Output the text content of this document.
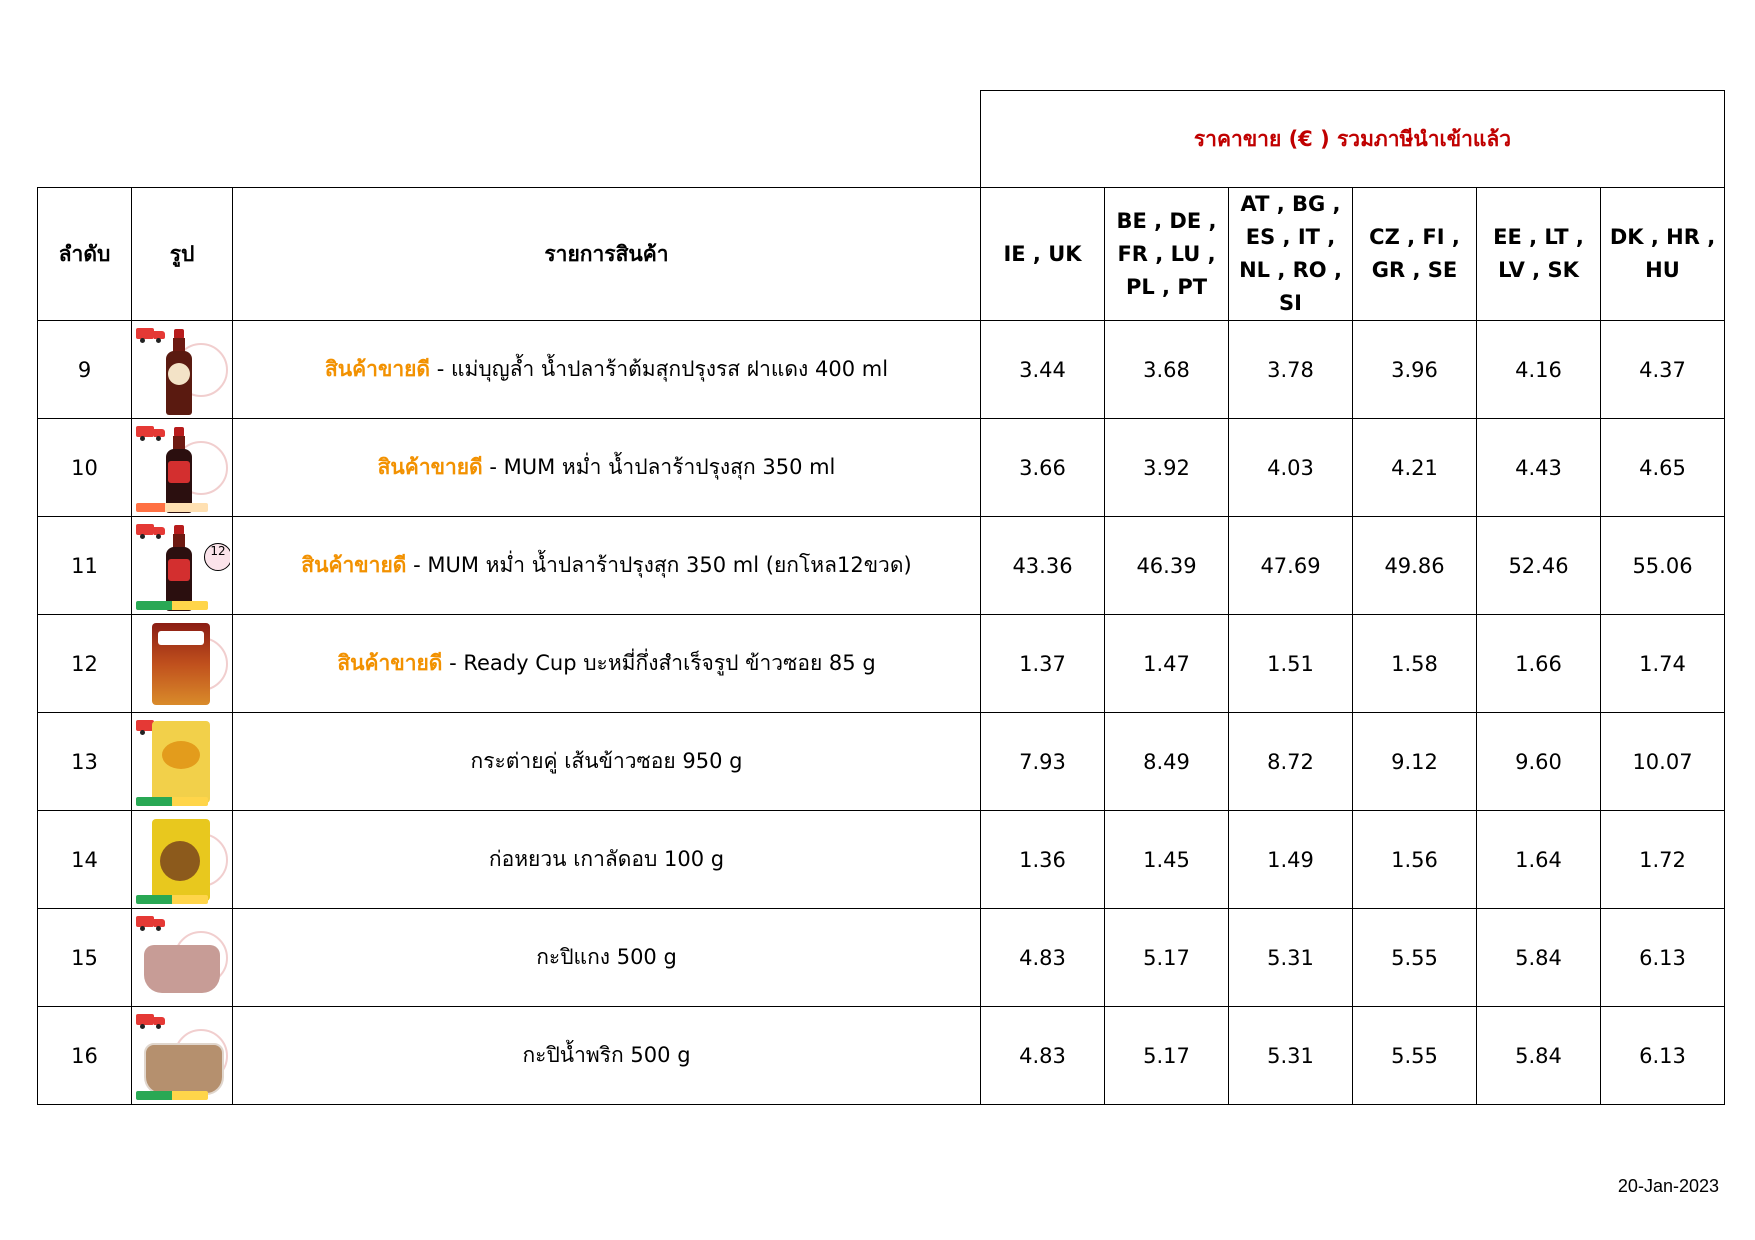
			ราคาขาย (€ ) รวมภาษีนำเข้าแล้ว					
ลำดับ	รูป	รายการสินค้า	IE , UK	BE , DE , FR , LU , PL , PT	AT , BG , ES , IT , NL , RO , SI	CZ , FI , GR , SE	EE , LT , LV , SK	DK , HR , HU
9		สินค้าขายดี - แม่บุญล้ำ น้ำปลาร้าต้มสุกปรุงรส ฝาแดง 400 ml	3.44	3.68	3.78	3.96	4.16	4.37
10		สินค้าขายดี - MUM หม่ำ น้ำปลาร้าปรุงสุก 350 ml	3.66	3.92	4.03	4.21	4.43	4.65
11	12	สินค้าขายดี - MUM หม่ำ น้ำปลาร้าปรุงสุก 350 ml (ยกโหล12ขวด)	43.36	46.39	47.69	49.86	52.46	55.06
12		สินค้าขายดี - Ready Cup บะหมี่กึ่งสำเร็จรูป ข้าวซอย 85 g	1.37	1.47	1.51	1.58	1.66	1.74
13		กระต่ายคู่ เส้นข้าวซอย 950 g	7.93	8.49	8.72	9.12	9.60	10.07
14		ก่อหยวน เกาลัดอบ 100 g	1.36	1.45	1.49	1.56	1.64	1.72
15		กะปิแกง 500 g	4.83	5.17	5.31	5.55	5.84	6.13
16		กะปิน้ำพริก 500 g	4.83	5.17	5.31	5.55	5.84	6.13
20-Jan-2023
